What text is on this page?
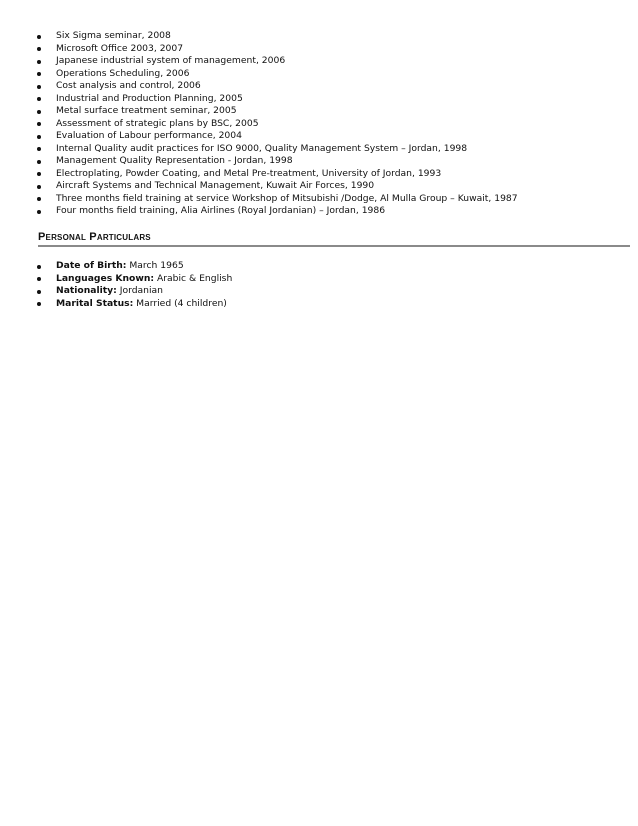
Six Sigma seminar, 2008
Microsoft Office 2003, 2007
Japanese industrial system of management, 2006
Operations Scheduling, 2006
Cost analysis and control, 2006
Industrial and Production Planning, 2005
Metal surface treatment seminar, 2005
Assessment of strategic plans by BSC, 2005
Evaluation of Labour performance, 2004
Internal Quality audit practices for ISO 9000, Quality Management System – Jordan, 1998
Management Quality Representation - Jordan, 1998
Electroplating, Powder Coating, and Metal Pre-treatment, University of Jordan, 1993
Aircraft Systems and Technical Management, Kuwait Air Forces, 1990
Three months field training at service Workshop of Mitsubishi /Dodge, Al Mulla Group – Kuwait, 1987
Four months field training, Alia Airlines (Royal Jordanian) – Jordan, 1986
Personal Particulars
Date of Birth: March 1965
Languages Known: Arabic & English
Nationality: Jordanian
Marital Status: Married (4 children)
